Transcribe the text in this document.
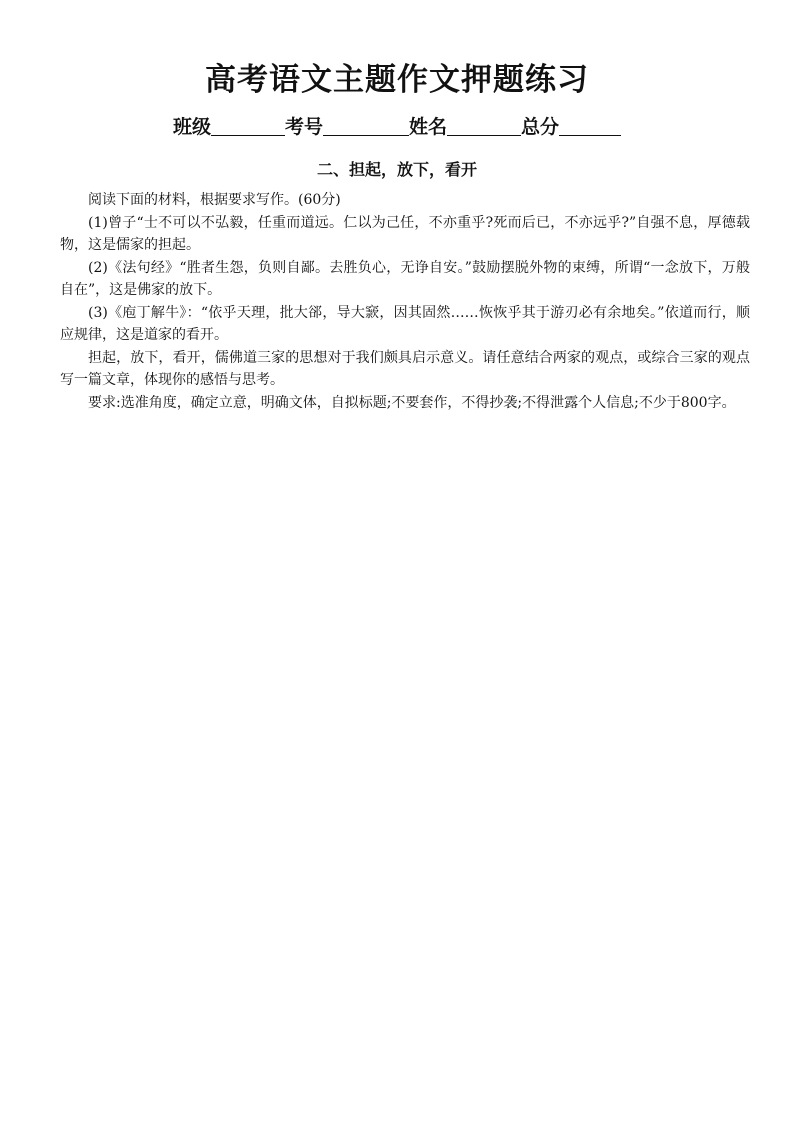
高考语文主题作文押题练习
班级	考号	姓名	总分
二、担起，放下，看开

阅读下面的材料，根据要求写作。(60分)

(1)曾子“士不可以不弘毅，任重而道远。仁以为己任，不亦重乎?死而后已，不亦远乎?”自强不息，厚德载物，这是儒家的担起。

(2)《法句经》“胜者生怨，负则自鄙。去胜负心，无诤自安。”鼓励摆脱外物的束缚，所谓“一念放下，万般自在”，这是佛家的放下。

(3)《庖丁解牛》：“依乎天理，批大郤，导大窾，因其固然……恢恢乎其于游刃必有余地矣。”依道而行，顺应规律，这是道家的看开。

担起，放下，看开，儒佛道三家的思想对于我们颇具启示意义。请任意结合两家的观点，或综合三家的观点写一篇文章，体现你的感悟与思考。

要求:选准角度，确定立意，明确文体，自拟标题;不要套作，不得抄袭;不得泄露个人信息;不少于800字。
